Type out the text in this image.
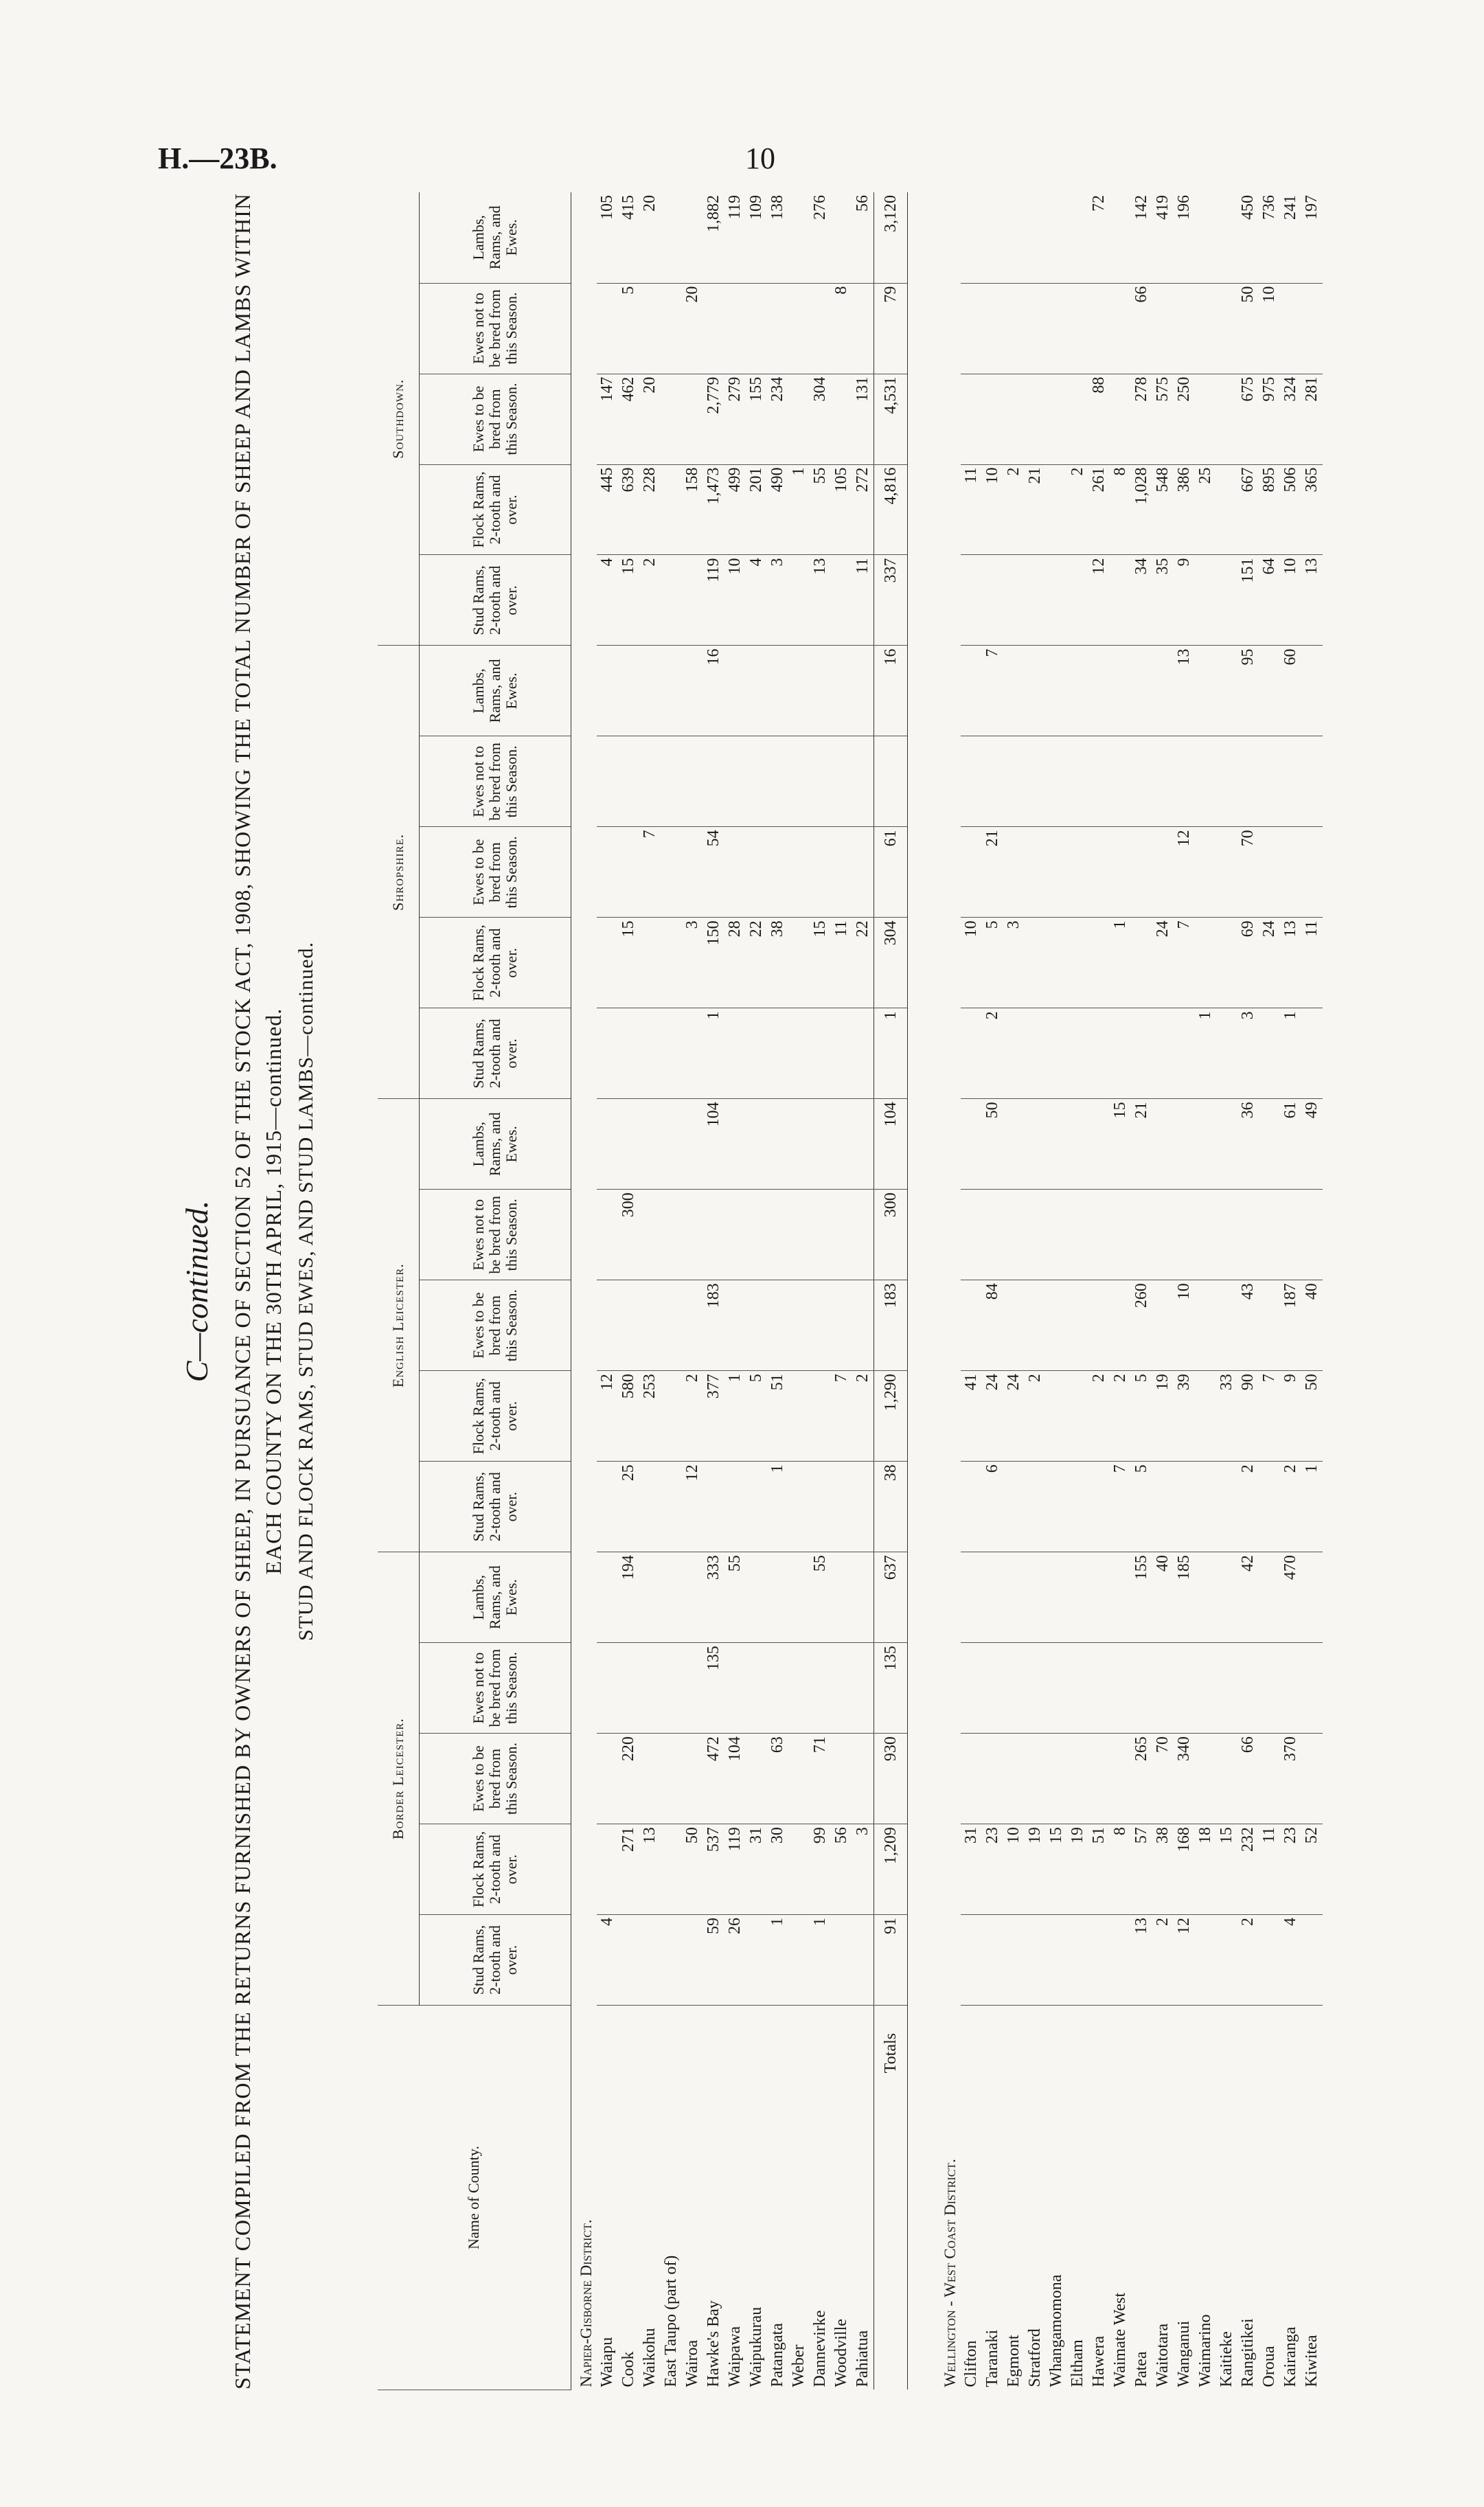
H.—23B.	10
C—continued. STATEMENT COMPILED FROM THE RETURNS FURNISHED BY OWNERS OF SHEEP, IN PURSUANCE OF SECTION 52 OF THE STOCK ACT, 1908, SHOWING THE TOTAL NUMBER OF SHEEP AND LAMBS WITHIN EACH COUNTY ON THE 30TH APRIL, 1915—continued. STUD AND FLOCK RAMS, STUD EWES, AND STUD LAMBS—continued.
Name of County.	Border Leicester.					English Leicester.					Shropshire.					Southdown.				
	Stud Rams, 2-tooth and over.	Flock Rams, 2-tooth and over.	Ewes to be bred from this Season.	Ewes not to be bred from this Season.	Lambs, Rams, and Ewes.	Stud Rams, 2-tooth and over.	Flock Rams, 2-tooth and over.	Ewes to be bred from this Season.	Ewes not to be bred from this Season.	Lambs, Rams, and Ewes.	Stud Rams, 2-tooth and over.	Flock Rams, 2-tooth and over.	Ewes to be bred from this Season.	Ewes not to be bred from this Season.	Lambs, Rams, and Ewes.	Stud Rams, 2-tooth and over.	Flock Rams, 2-tooth and over.	Ewes to be bred from this Season.	Ewes not to be bred from this Season.	Lambs, Rams, and Ewes.
Napier-Gisborne District.																				
Waiapu	4						12									4	445	147		105
Cook		271	220		194	25	580		300			15				15	639	462	5	415
Waikohu		13					253						7			2	228	20		20
East Taupo (part of)																				
Wairoa		50				12	2					3					158		20	
Hawke's Bay	59	537	472	135	333		377	183		104	1	150	54		16	119	1,473	2,779		1,882
Waipawa	26	119	104		55		1					28				10	499	279		119
Waipukurau		31					5					22				4	201	155		109
Patangata	1	30	63			1	51					38				3	490	234		138
Weber																	1			
Dannevirke	1	99	71		55							15				13	55	304		276
Woodville		56					7					11					105		8	
Pahiatua		3					2					22				11	272	131		56
Totals	91	1,209	930	135	637	38	1,290	183	300	104	1	304	61		16	337	4,816	4,531	79	3,120

Wellington - West Coast District.																				
Clifton		31					41					10					11			
Taranaki		23				6	24	84		50	2	5	21		7		10			
Egmont		10					24					3					2			
Stratford		19					2										21			
Whangamomona		15																		
Eltham		19															2			
Hawera		51					2									12	261	88		72
Waimate West		8				7	2			15		1					8			
Patea	13	57	265		155	5	5	260		21						34	1,028	278	66	142
Waitotara	2	38	70		40		19					24				35	548	575		419
Wanganui	12	168	340		185		39	10				7	12		13	9	386	250		196
Waimarino		18									1						25			
Kaitieke		15					33													
Rangitikei	2	232	66		42	2	90	43		36	3	69	70		95	151	667	675	50	450
Oroua		11					7					24				64	895	975	10	736
Kairanga	4	23	370		470	2	9	187		61	1	13			60	10	506	324		241
Kiwitea		52				1	50	40		49		11				13	365	281		197
